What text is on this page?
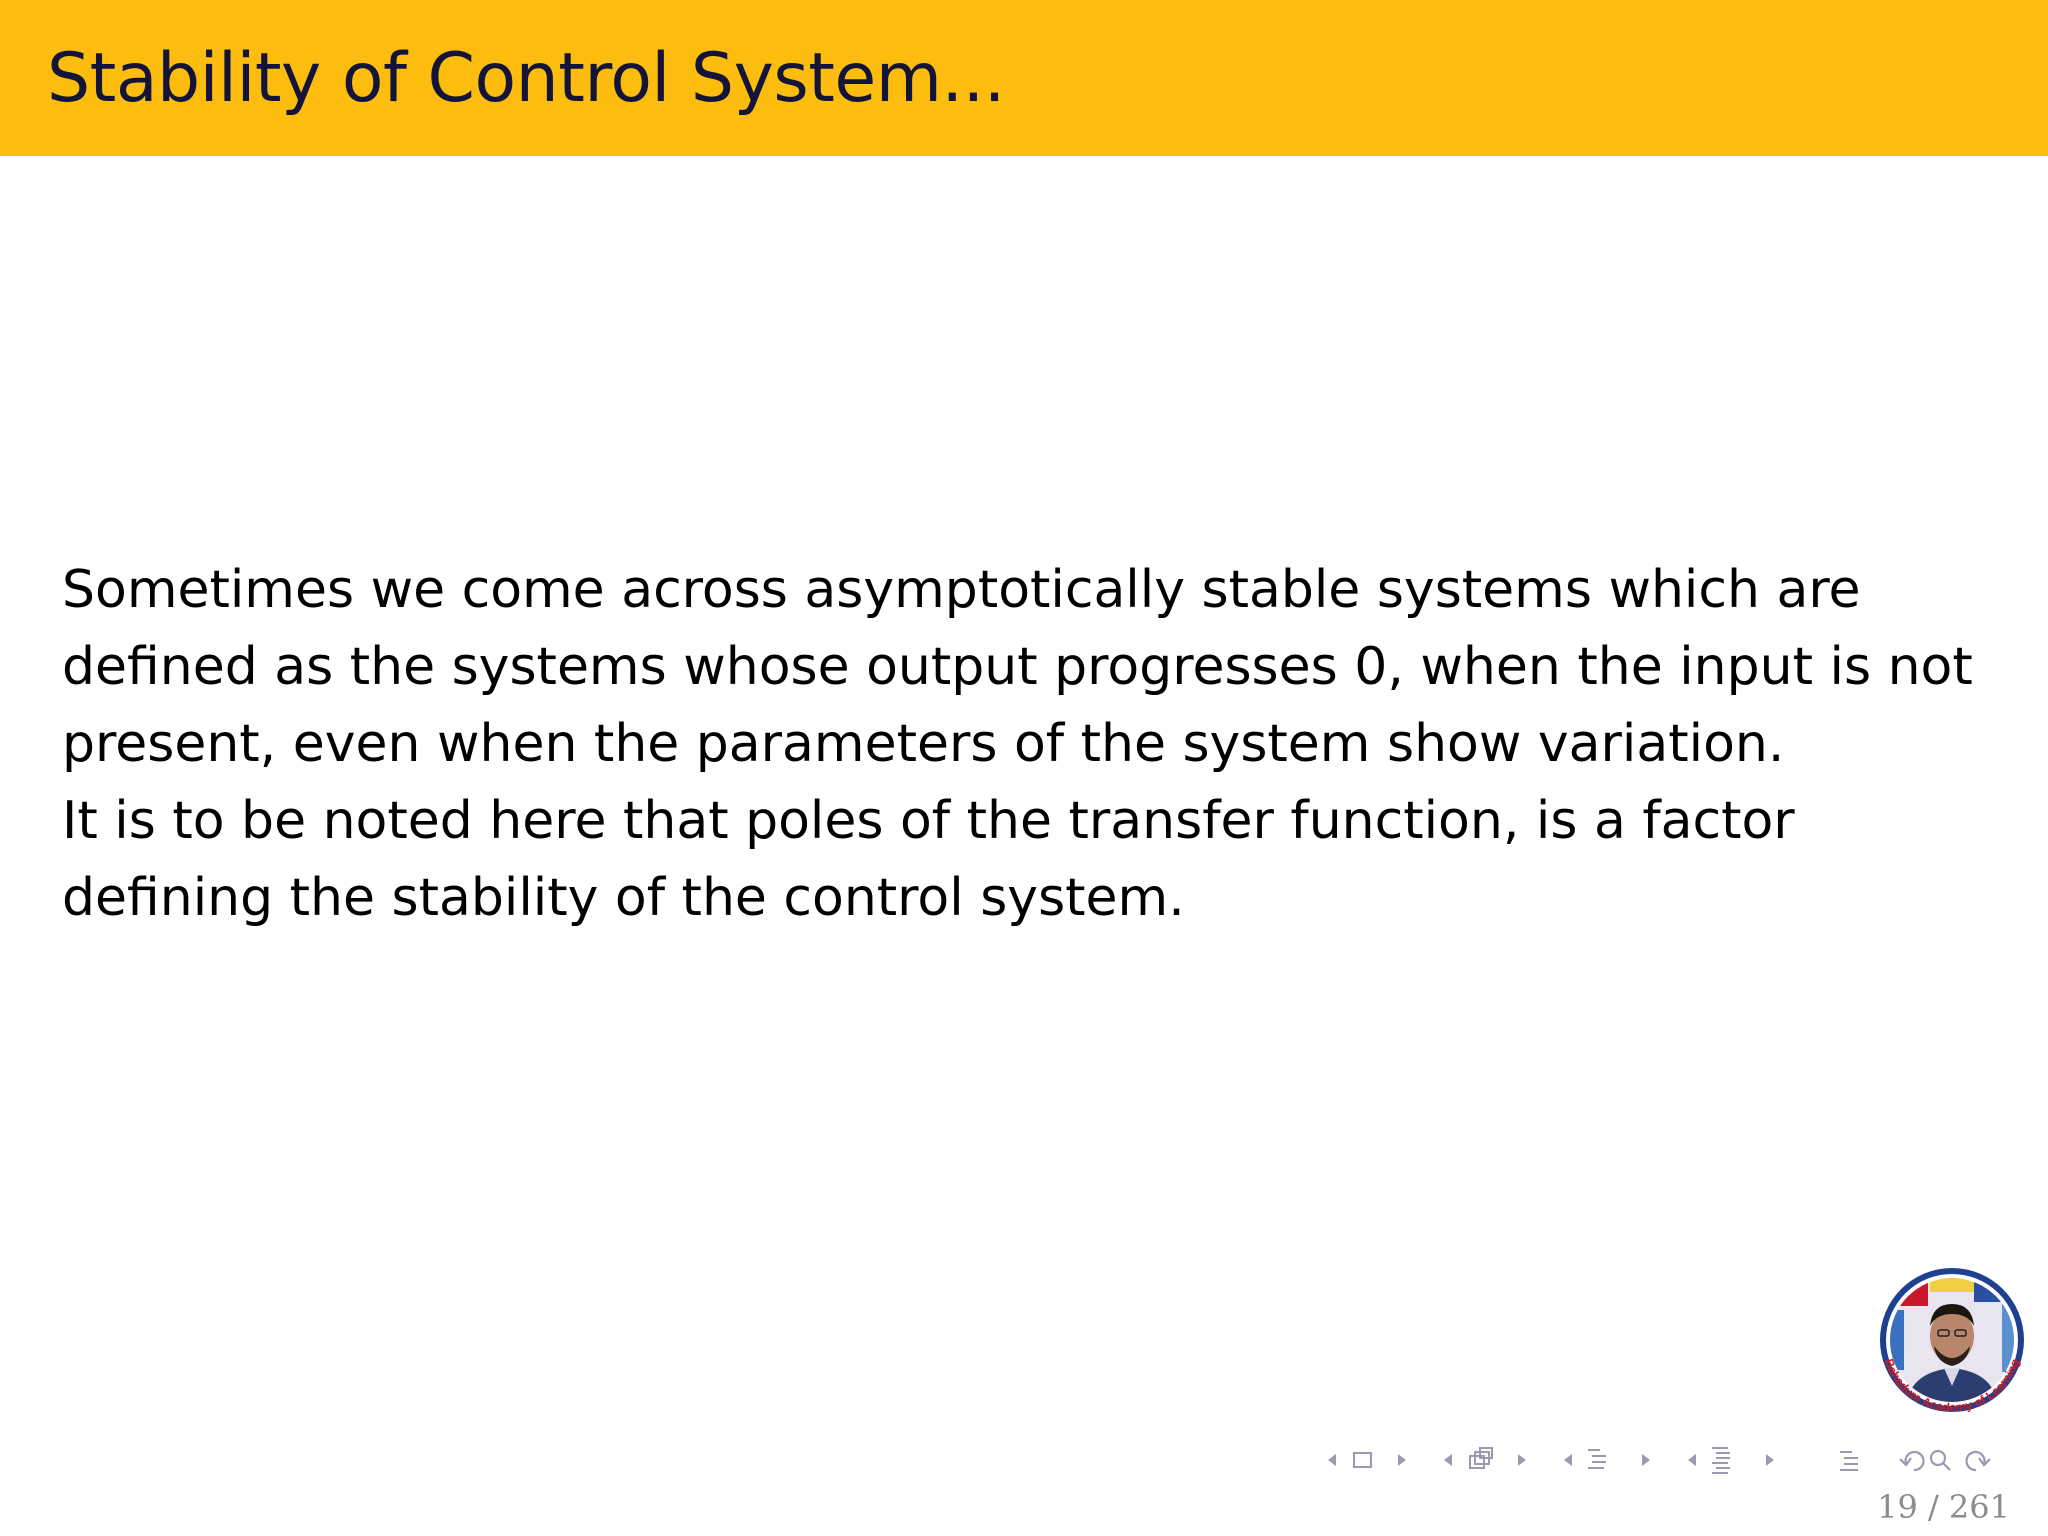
Stability of Control System...

Sometimes we come across asymptotically stable systems which are defined as the systems whose output progresses 0, when the input is not present, even when the parameters of the system show variation.

It is to be noted here that poles of the transfer function, is a factor defining the stability of the control system.

Bahadure Academy of Learning
19 / 261
